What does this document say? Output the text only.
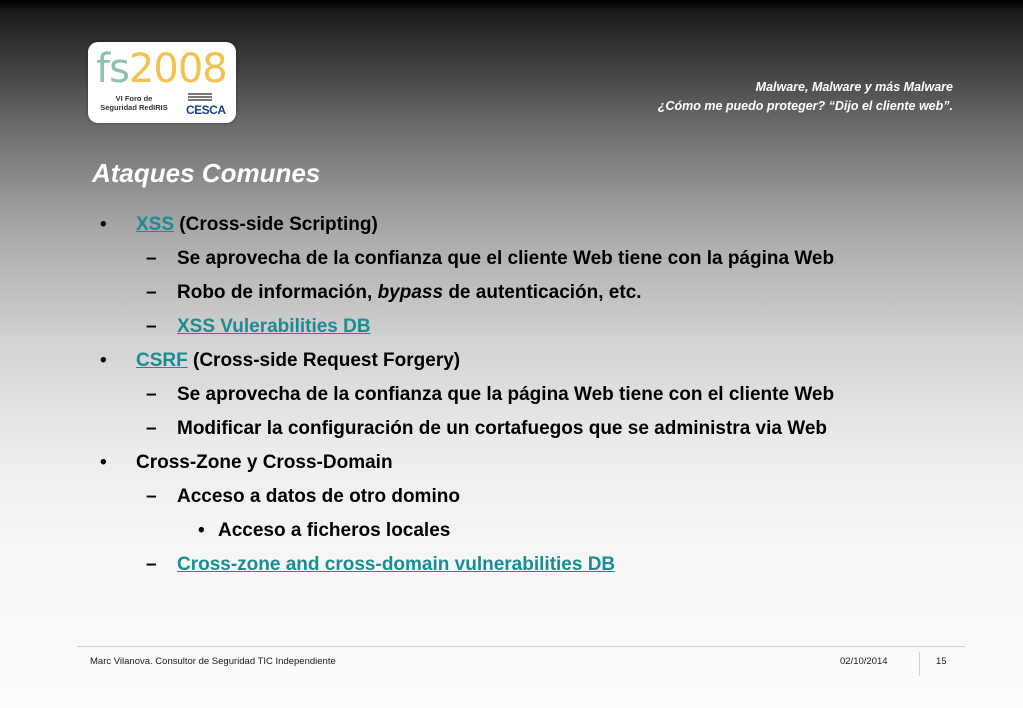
fs2008
VI Foro de
Seguridad RedIRIS	CESCA
Malware, Malware y más Malware
¿Cómo me puedo proteger? “Dijo el cliente web”.
Ataques Comunes
• XSS (Cross-side Scripting)
– Se aprovecha de la confianza que el cliente Web tiene con la página Web
– Robo de información, bypass de autenticación, etc.
– XSS Vulerabilities DB
• CSRF (Cross-side Request Forgery)
– Se aprovecha de la confianza que la página Web tiene con el cliente Web
– Modificar la configuración de un cortafuegos que se administra via Web
• Cross-Zone y Cross-Domain
– Acceso a datos de otro domino
• Acceso a ficheros locales
– Cross-zone and cross-domain vulnerabilities DB
Marc Vilanova. Consultor de Seguridad TIC Independiente	02/10/2014	15
